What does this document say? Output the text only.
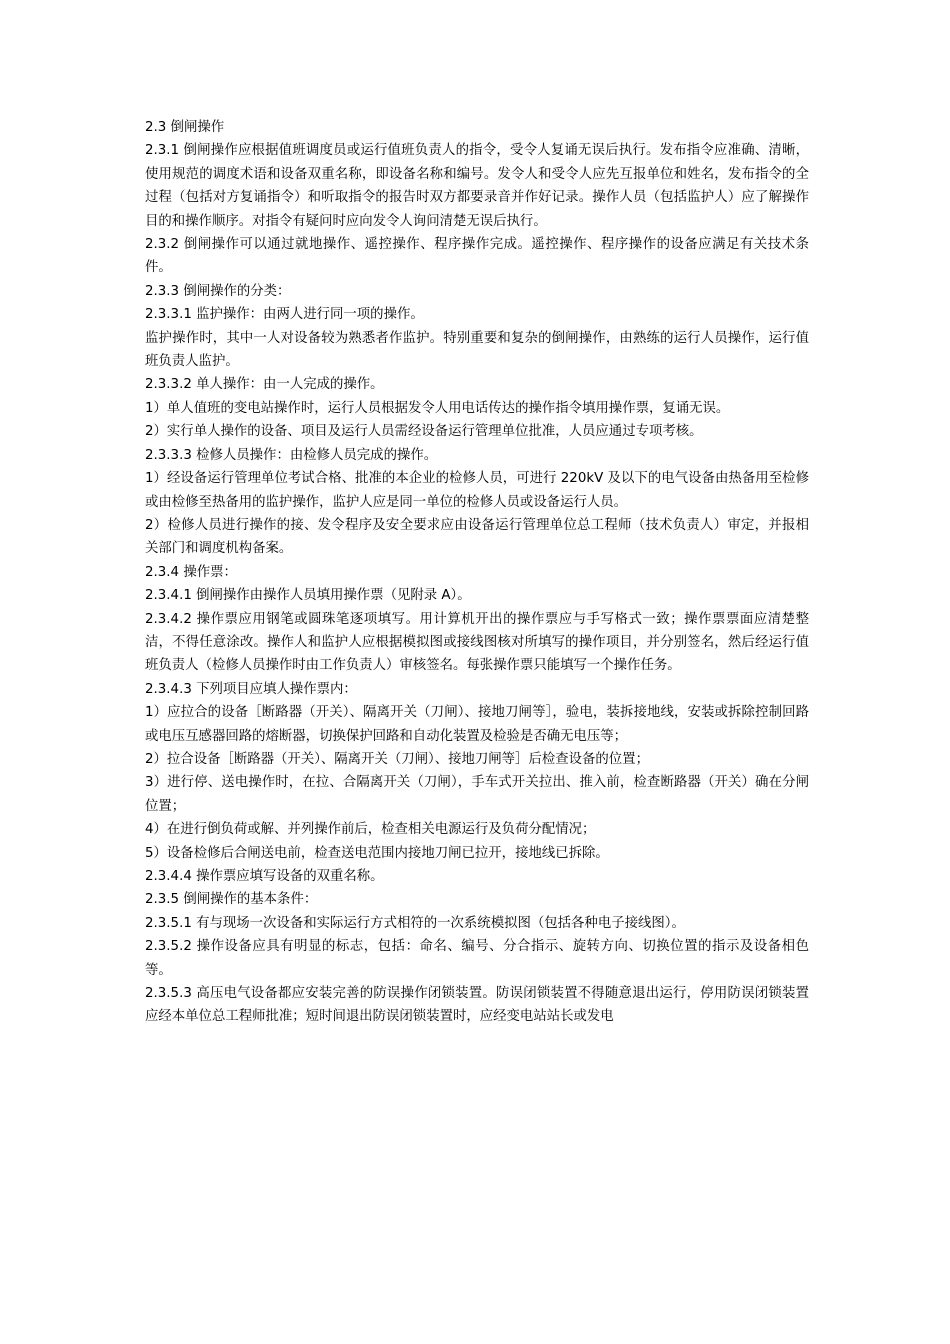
2.3 倒闸操作

2.3.1 倒闸操作应根据值班调度员或运行值班负责人的指令，受令人复诵无误后执行。发布指令应准确、清晰，使用规范的调度术语和设备双重名称，即设备名称和编号。发令人和受令人应先互报单位和姓名，发布指令的全过程（包括对方复诵指令）和听取指令的报告时双方都要录音并作好记录。操作人员（包括监护人）应了解操作目的和操作顺序。对指令有疑问时应向发令人询问清楚无误后执行。

2.3.2 倒闸操作可以通过就地操作、遥控操作、程序操作完成。遥控操作、程序操作的设备应满足有关技术条件。

2.3.3 倒闸操作的分类：

2.3.3.1 监护操作：由两人进行同一项的操作。

监护操作时，其中一人对设备较为熟悉者作监护。特别重要和复杂的倒闸操作，由熟练的运行人员操作，运行值班负责人监护。

2.3.3.2 单人操作：由一人完成的操作。

1）单人值班的变电站操作时，运行人员根据发令人用电话传达的操作指令填用操作票，复诵无误。

2）实行单人操作的设备、项目及运行人员需经设备运行管理单位批准，人员应通过专项考核。

2.3.3.3 检修人员操作：由检修人员完成的操作。

1）经设备运行管理单位考试合格、批准的本企业的检修人员，可进行 220kV 及以下的电气设备由热备用至检修或由检修至热备用的监护操作，监护人应是同一单位的检修人员或设备运行人员。

2）检修人员进行操作的接、发令程序及安全要求应由设备运行管理单位总工程师（技术负责人）审定，并报相关部门和调度机构备案。

2.3.4 操作票：

2.3.4.1 倒闸操作由操作人员填用操作票（见附录 A）。

2.3.4.2 操作票应用钢笔或圆珠笔逐项填写。用计算机开出的操作票应与手写格式一致；操作票票面应清楚整洁，不得任意涂改。操作人和监护人应根据模拟图或接线图核对所填写的操作项目，并分别签名，然后经运行值班负责人（检修人员操作时由工作负责人）审核签名。每张操作票只能填写一个操作任务。

2.3.4.3 下列项目应填人操作票内：

1）应拉合的设备［断路器（开关）、隔离开关（刀闸）、接地刀闸等］，验电，装拆接地线，安装或拆除控制回路或电压互感器回路的熔断器，切换保护回路和自动化装置及检验是否确无电压等；

2）拉合设备［断路器（开关）、隔离开关（刀闸）、接地刀闸等］后检查设备的位置；

3）进行停、送电操作时，在拉、合隔离开关（刀闸），手车式开关拉出、推入前，检查断路器（开关）确在分闸位置；

4）在进行倒负荷或解、并列操作前后，检查相关电源运行及负荷分配情况；

5）设备检修后合闸送电前，检查送电范围内接地刀闸已拉开，接地线已拆除。

2.3.4.4 操作票应填写设备的双重名称。

2.3.5 倒闸操作的基本条件：

2.3.5.1 有与现场一次设备和实际运行方式相符的一次系统模拟图（包括各种电子接线图）。

2.3.5.2 操作设备应具有明显的标志，包括：命名、编号、分合指示、旋转方向、切换位置的指示及设备相色等。

2.3.5.3 高压电气设备都应安装完善的防误操作闭锁装置。防误闭锁装置不得随意退出运行，停用防误闭锁装置应经本单位总工程师批准；短时间退出防误闭锁装置时，应经变电站站长或发电
